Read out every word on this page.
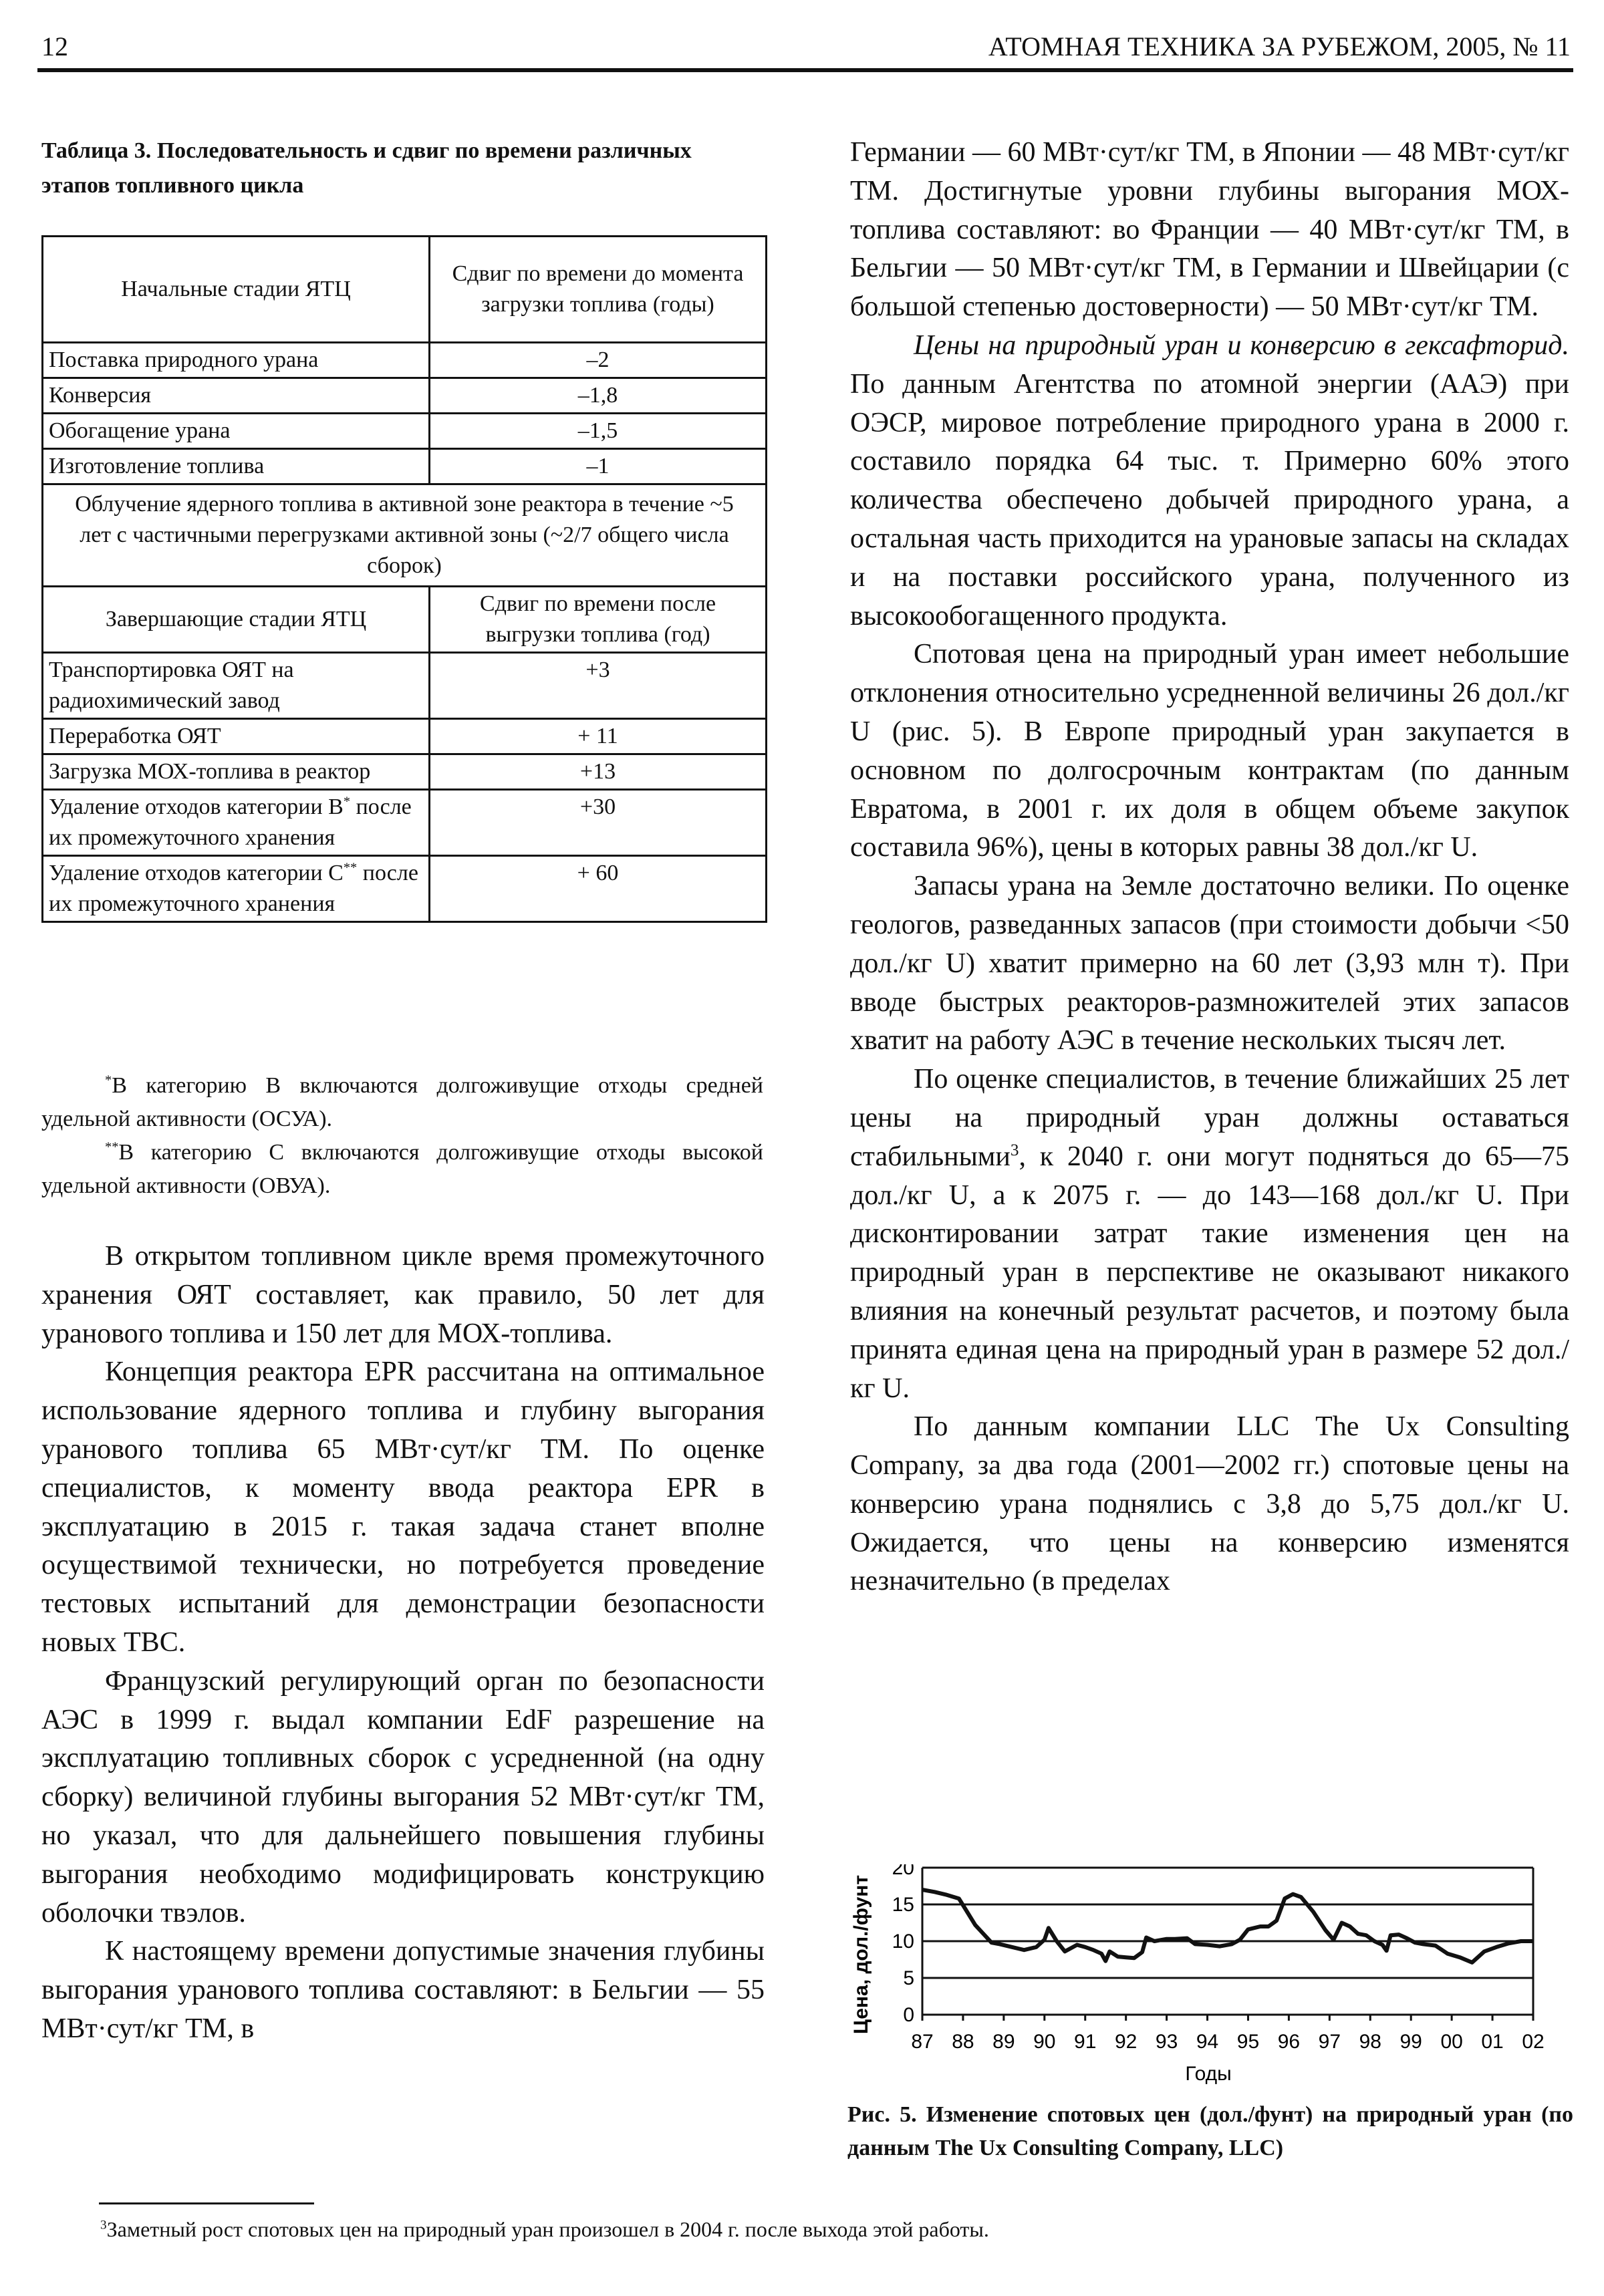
12	АТОМНАЯ ТЕХНИКА ЗА РУБЕЖОМ, 2005, № 11
Таблица 3. Последовательность и сдвиг по времени различных этапов топливного цикла
Начальные стадии ЯТЦ	Сдвиг по времени до момента загрузки топлива (годы)
Поставка природного урана	–2
Конверсия	–1,8
Обогащение урана	–1,5
Изготовление топлива	–1
Облучение ядерного топлива в активной зоне реактора в течение ~5 лет с частичными перегрузками активной зоны (~2/7 общего числа сборок)	
Завершающие стадии ЯТЦ	Сдвиг по времени после выгрузки топлива (год)
Транспортировка ОЯТ на радиохимический завод	+3
Переработка ОЯТ	+ 11
Загрузка МОХ-топлива в реактор	+13
Удаление отходов категории В* после их промежуточного хранения	+30
Удаление отходов категории С** после их промежуточного хранения	+ 60

*В категорию В включаются долгоживущие отходы средней удельной активности (ОСУА).

**В категорию С включаются долгоживущие отходы высокой удельной активности (ОВУА).

В открытом топливном цикле время промежуточного хранения ОЯТ составляет, как правило, 50 лет для уранового топлива и 150 лет для МОХ-топлива.

Концепция реактора EPR рассчитана на оптимальное использование ядерного топлива и глубину выгорания уранового топлива 65 МВт·сут/кг ТМ. По оценке специалистов, к моменту ввода реактора EPR в эксплуатацию в 2015 г. такая задача станет вполне осуществимой технически, но потребуется проведение тестовых испытаний для демонстрации безопасности новых ТВС.

Французский регулирующий орган по безопасности АЭС в 1999 г. выдал компании EdF разрешение на эксплуатацию топливных сборок с усредненной (на одну сборку) величиной глубины выгорания 52 МВт·сут/кг ТМ, но указал, что для дальнейшего повышения глубины выгорания необходимо модифицировать конструкцию оболочки твэлов.

К настоящему времени допустимые значения глубины выгорания уранового топлива составляют: в Бельгии — 55 МВт·сут/кг ТМ, в

Германии — 60 МВт·сут/кг ТМ, в Японии — 48 МВт·сут/кг ТМ. Достигнутые уровни глубины выгорания МОХ-топлива составляют: во Франции — 40 МВт·сут/кг ТМ, в Бельгии — 50 МВт·сут/кг ТМ, в Германии и Швейцарии (с большой степенью достоверности) — 50 МВт·сут/кг ТМ.

Цены на природный уран и конверсию в гексафторид. По данным Агентства по атомной энергии (ААЭ) при ОЭСР, мировое потребление природного урана в 2000 г. составило порядка 64 тыс. т. Примерно 60% этого количества обеспечено добычей природного урана, а остальная часть приходится на урановые запасы на складах и на поставки российского урана, полученного из высокообогащенного продукта.

Спотовая цена на природный уран имеет небольшие отклонения относительно усредненной величины 26 дол./кг U (рис. 5). В Европе природный уран закупается в основном по долгосрочным контрактам (по данным Евратома, в 2001 г. их доля в общем объеме закупок составила 96%), цены в которых равны 38 дол./кг U.

Запасы урана на Земле достаточно велики. По оценке геологов, разведанных запасов (при стоимости добычи <50 дол./кг U) хватит примерно на 60 лет (3,93 млн т). При вводе быстрых реакторов-размножителей этих запасов хватит на работу АЭС в течение нескольких тысяч лет.

По оценке специалистов, в течение ближайших 25 лет цены на природный уран должны оставаться стабильными$^3$, к 2040 г. они могут подняться до 65—75 дол./кг U, а к 2075 г. — до 143—168 дол./кг U. При дисконтировании затрат такие изменения цен на природный уран в перспективе не оказывают никакого влияния на конечный результат расчетов, и поэтому была принята единая цена на природный уран в размере 52 дол./кг U.

По данным компании LLC The Ux Consulting Company, за два года (2001—2002 гг.) спотовые цены на конверсию урана поднялись с 3,8 до 5,75 дол./кг U. Ожидается, что цены на конверсию изменятся незначительно (в пределах

0
5
10
15
20
87 88 89 90 91 92 93 94 95 96 97 98 99 00 01 02
Цена, дол./фунт
Годы
Рис. 5. Изменение спотовых цен (дол./фунт) на природный уран (по данным The Ux Consulting Company, LLC)
$^3$Заметный рост спотовых цен на природный уран произошел в 2004 г. после выхода этой работы.
